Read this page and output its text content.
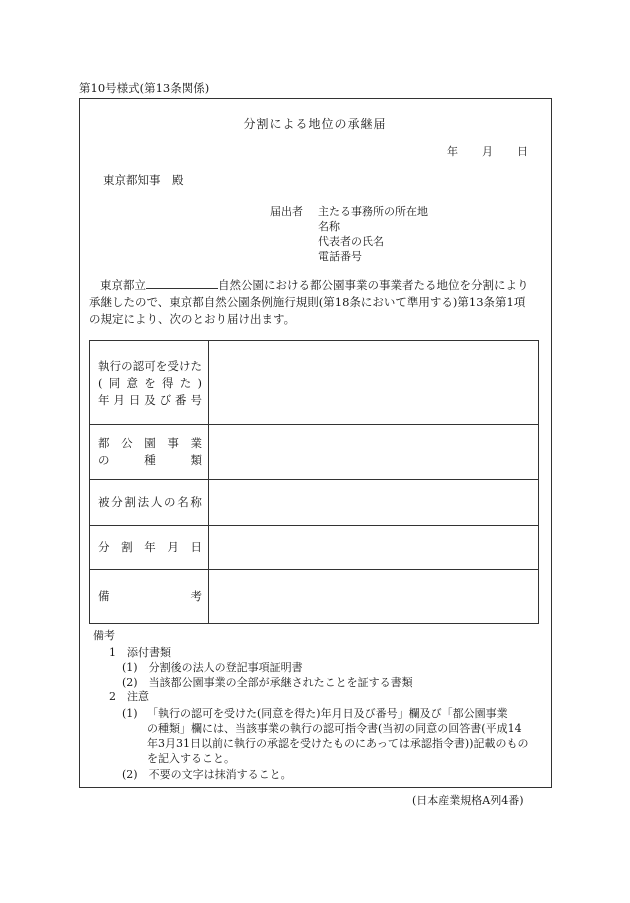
第10号様式(第13条関係)
分割による地位の承継届
年 月 日
東京都知事　殿
届出者 主たる事務所の所在地
名称
代表者の氏名
電話番号
東京都立	自然公園における都公園事業の事業者たる地位を分割により
承継したので、東京都自然公園条例施行規則(第18条において準用する)第13条第1項
の規定により、次のとおり届け出ます。
執 行 の 認 可 を 受 け た
( 同 意 を 得 た )
年 月 日 及 び 番 号
都 公 園 事 業
の	種	類
被 分 割 法 人 の 名 称
分 割 年 月 日
備	考
備考
1　添付書類
(1)　分割後の法人の登記事項証明書
(2)　当該都公園事業の全部が承継されたことを証する書類
2　注意
(1) 「執行の認可を受けた(同意を得た)年月日及び番号」欄及び「都公園事業
の種類」欄には、当該事業の執行の認可指令書(当初の同意の回答書(平成14
年3月31日以前に執行の承認を受けたものにあっては承認指令書))記載のもの
を記入すること。
(2)　不要の文字は抹消すること。
(日本産業規格A列4番)
